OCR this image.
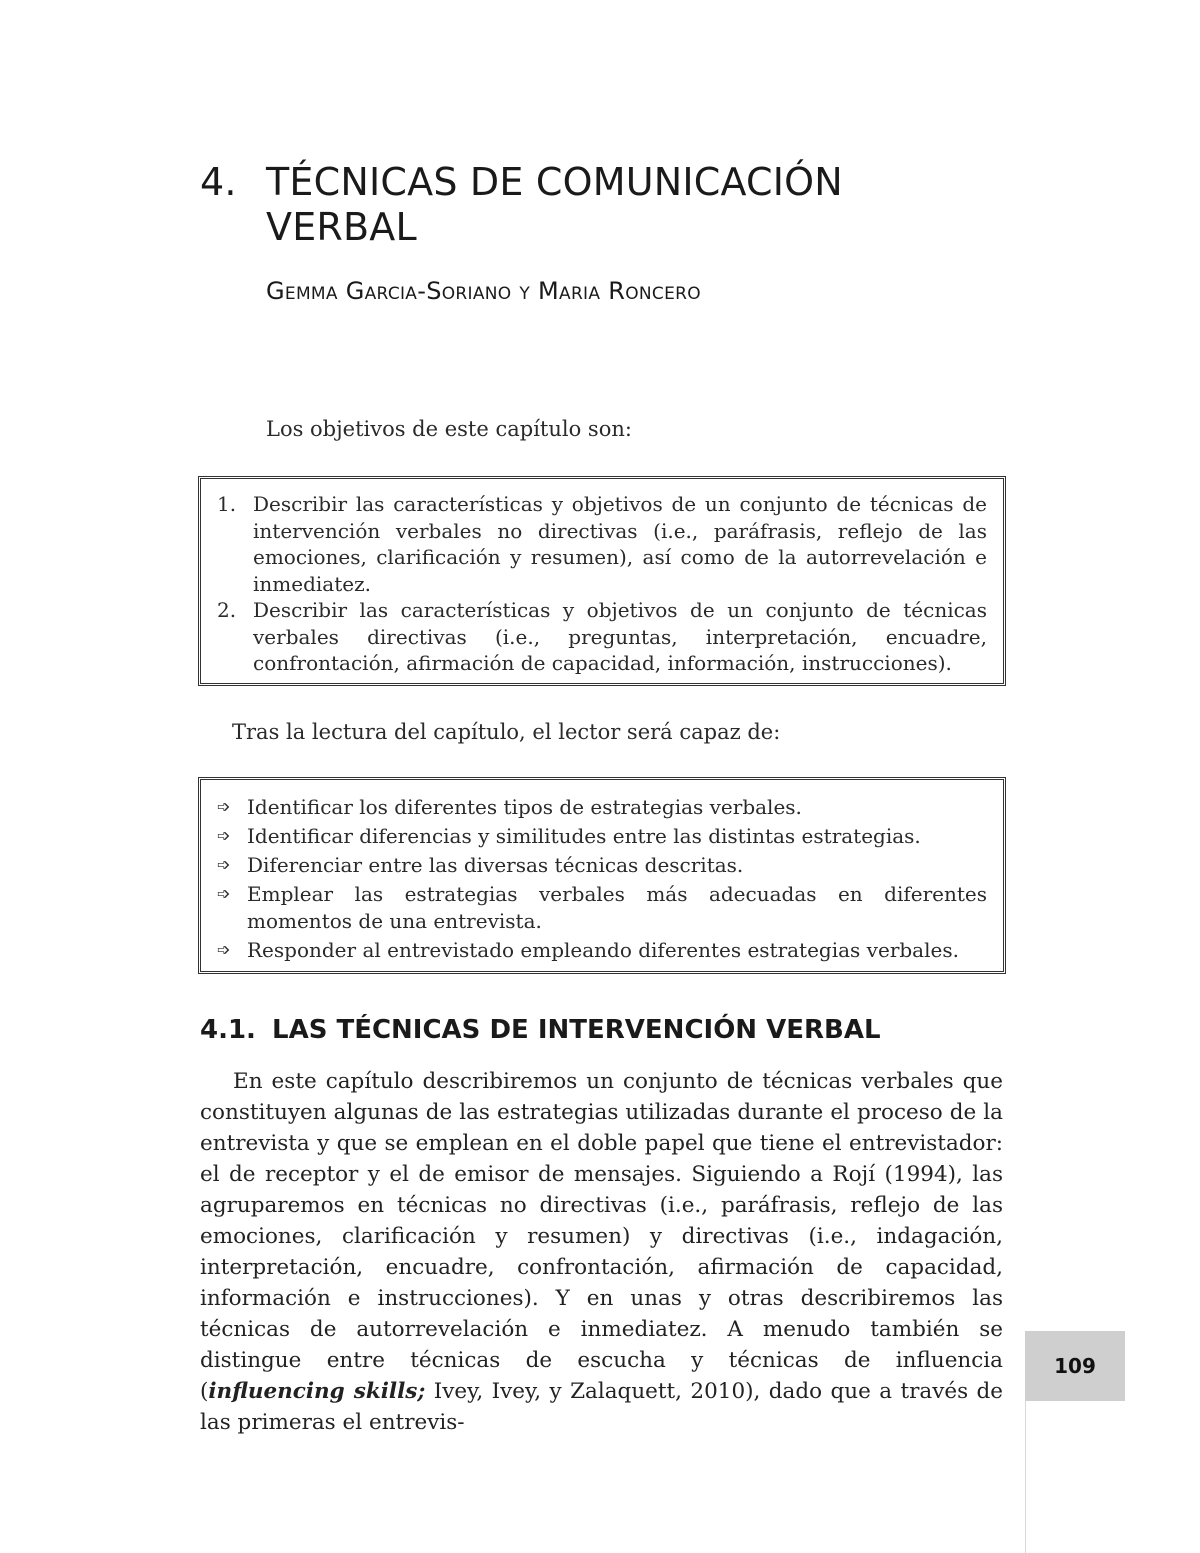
4. TÉCNICAS DE COMUNICACIÓN
VERBAL
Gemma Garcia-Soriano y Maria Roncero
Los objetivos de este capítulo son:
1. Describir las características y objetivos de un conjunto de técnicas de intervención verbales no directivas (i.e., paráfrasis, reflejo de las emociones, clarificación y resumen), así como de la autorrevelación e inmediatez.
2. Describir las características y objetivos de un conjunto de técnicas verbales directivas (i.e., preguntas, interpretación, encuadre, confrontación, afirmación de capacidad, información, instrucciones).
Tras la lectura del capítulo, el lector será capaz de:
➩ Identificar los diferentes tipos de estrategias verbales.
➩ Identificar diferencias y similitudes entre las distintas estrategias.
➩ Diferenciar entre las diversas técnicas descritas.
➩ Emplear las estrategias verbales más adecuadas en diferentes momentos de una entrevista.
➩ Responder al entrevistado empleando diferentes estrategias verbales.
4.1. LAS TÉCNICAS DE INTERVENCIÓN VERBAL

En este capítulo describiremos un conjunto de técnicas verbales que constituyen algunas de las estrategias utilizadas durante el proceso de la entrevista y que se emplean en el doble papel que tiene el entrevistador: el de receptor y el de emisor de mensajes. Siguiendo a Rojí (1994), las agruparemos en técnicas no directivas (i.e., paráfrasis, reflejo de las emociones, clarificación y resumen) y directivas (i.e., indagación, interpretación, encuadre, confrontación, afirmación de capacidad, información e instrucciones). Y en unas y otras describiremos las técnicas de autorrevelación e inmediatez. A menudo también se distingue entre técnicas de escucha y técnicas de influencia (influencing skills; Ivey, Ivey, y Zalaquett, 2010), dado que a través de las primeras el entrevis-

109
